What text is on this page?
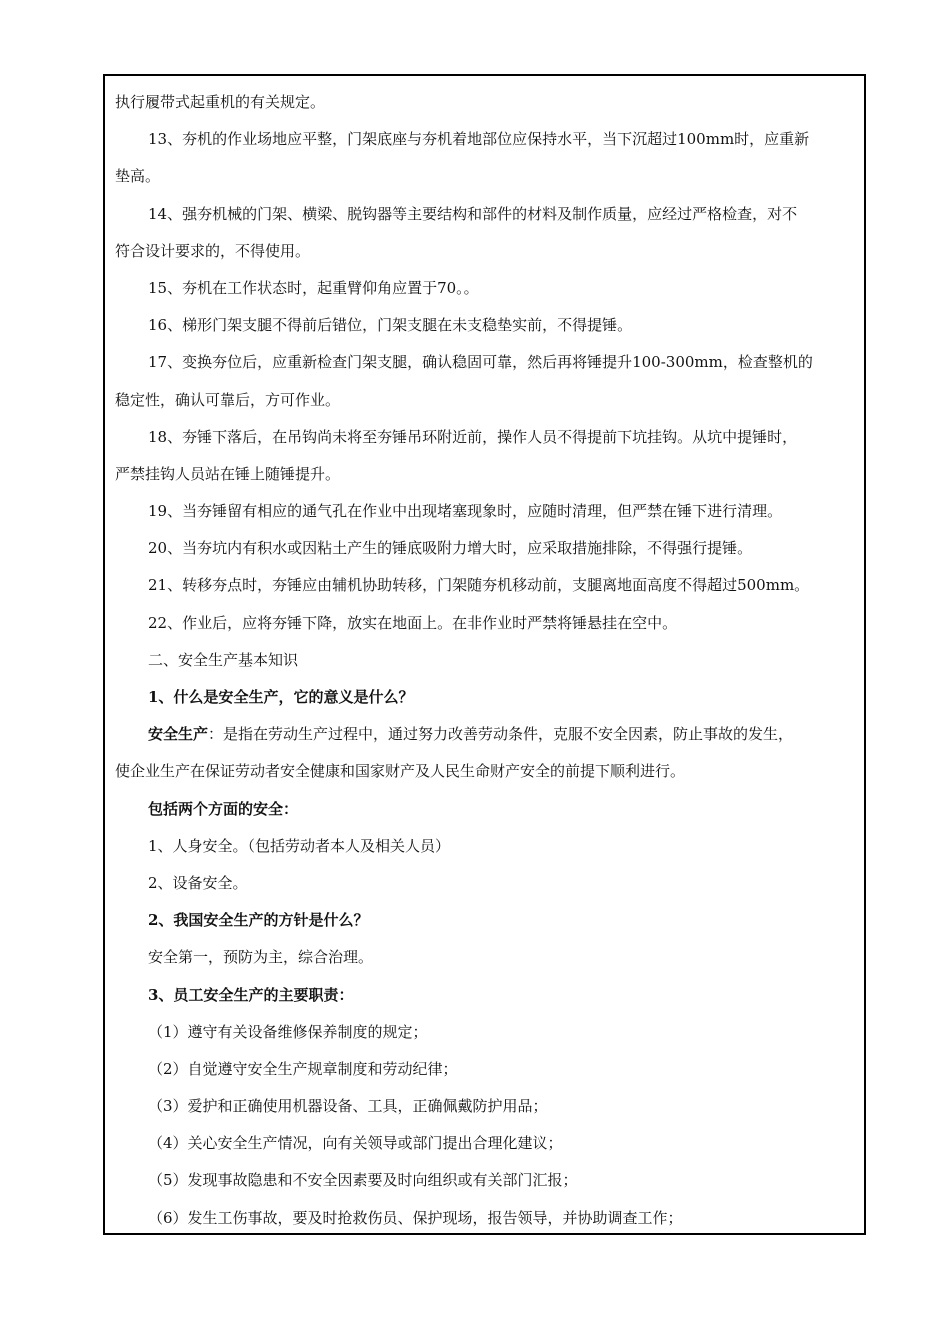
执行履带式起重机的有关规定。
13、夯机的作业场地应平整，门架底座与夯机着地部位应保持水平，当下沉超过100mm时，应重新
垫高。
14、强夯机械的门架、横梁、脱钩器等主要结构和部件的材料及制作质量，应经过严格检查，对不
符合设计要求的，不得使用。
15、夯机在工作状态时，起重臂仰角应置于70。。
16、梯形门架支腿不得前后错位，门架支腿在未支稳垫实前，不得提锤。
17、变换夯位后，应重新检查门架支腿，确认稳固可靠，然后再将锤提升100-300mm，检查整机的
稳定性，确认可靠后，方可作业。
18、夯锤下落后，在吊钩尚未将至夯锤吊环附近前，操作人员不得提前下坑挂钩。从坑中提锤时，
严禁挂钩人员站在锤上随锤提升。
19、当夯锤留有相应的通气孔在作业中出现堵塞现象时，应随时清理，但严禁在锤下进行清理。
20、当夯坑内有积水或因粘土产生的锤底吸附力增大时，应采取措施排除，不得强行提锤。
21、转移夯点时，夯锤应由辅机协助转移，门架随夯机移动前，支腿离地面高度不得超过500mm。
22、作业后，应将夯锤下降，放实在地面上。在非作业时严禁将锤悬挂在空中。
二、安全生产基本知识
1、什么是安全生产，它的意义是什么？
安全生产：是指在劳动生产过程中，通过努力改善劳动条件，克服不安全因素，防止事故的发生，
使企业生产在保证劳动者安全健康和国家财产及人民生命财产安全的前提下顺利进行。
包括两个方面的安全：
1、人身安全。（包括劳动者本人及相关人员）
2、设备安全。
2、我国安全生产的方针是什么？
安全第一，预防为主，综合治理。
3、员工安全生产的主要职责：
（1）遵守有关设备维修保养制度的规定；
（2）自觉遵守安全生产规章制度和劳动纪律；
（3）爱护和正确使用机器设备、工具，正确佩戴防护用品；
（4）关心安全生产情况，向有关领导或部门提出合理化建议；
（5）发现事故隐患和不安全因素要及时向组织或有关部门汇报；
（6）发生工伤事故，要及时抢救伤员、保护现场，报告领导，并协助调查工作；
